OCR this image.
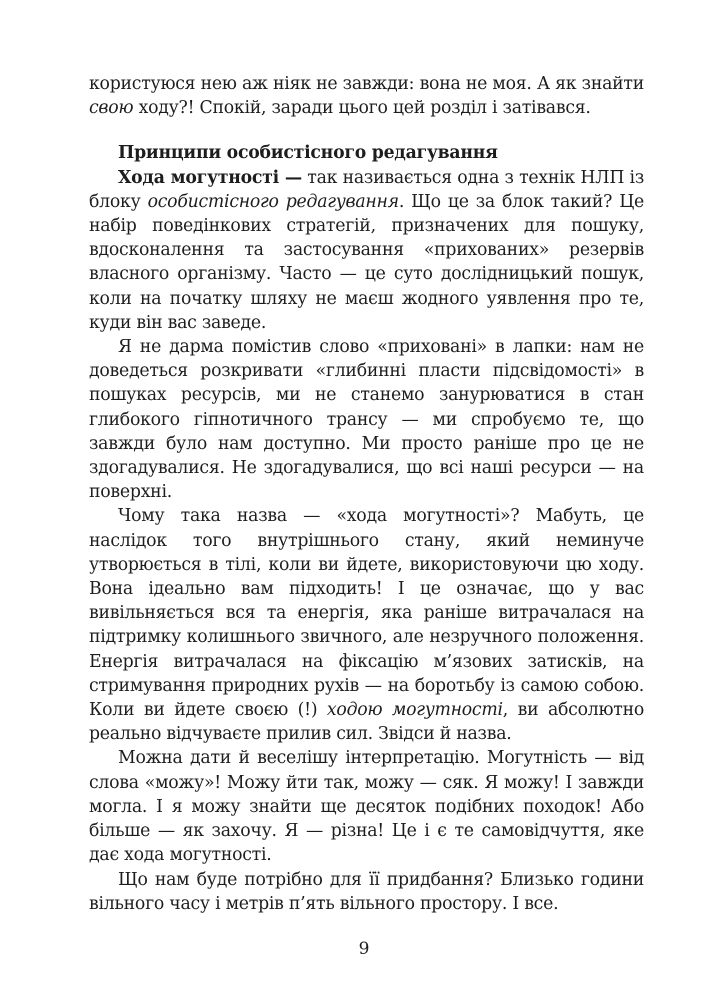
користуюся нею аж ніяк не завжди: вона не моя. А як знайти свою ходу?! Спокій, заради цього цей розділ і затівався.

Принципи особистісного редагування

Хода могутності — так називається одна з технік НЛП із блоку особистісного редагування. Що це за блок такий? Це набір поведінкових стратегій, призначених для пошуку, вдосконалення та застосування «прихованих» резервів власного організму. Часто — це суто дослідницький пошук, коли на початку шляху не маєш жодного уявлення про те, куди він вас заведе.

Я не дарма помістив слово «приховані» в лапки: нам не доведеться розкривати «глибинні пласти підсвідомості» в пошуках ресурсів, ми не станемо занурюватися в стан глибокого гіпнотичного трансу — ми спробуємо те, що завжди було нам доступно. Ми просто раніше про це не здогадувалися. Не здогадувалися, що всі наші ресурси — на поверхні.

Чому така назва — «хода могутності»? Мабуть, це наслідок того внутрішнього стану, який неминуче утворюється в тілі, коли ви йдете, використовуючи цю ходу. Вона ідеально вам підходить! І це означає, що у вас вивільняється вся та енергія, яка раніше витрачалася на підтримку колишнього звичного, але незручного положення. Енергія витрачалася на фіксацію м’язових затисків, на стримування природних рухів — на боротьбу із самою собою. Коли ви йдете своєю (!) ходою могутності, ви абсолютно реально відчуваєте прилив сил. Звідси й назва.

Можна дати й веселішу інтерпретацію. Могутність — від слова «можу»! Можу йти так, можу — сяк. Я можу! І завжди могла. І я можу знайти ще десяток подібних походок! Або більше — як захочу. Я — різна! Це і є те самовідчуття, яке дає хода могутності.

Що нам буде потрібно для її придбання? Близько години вільного часу і метрів п’ять вільного простору. І все.

9
